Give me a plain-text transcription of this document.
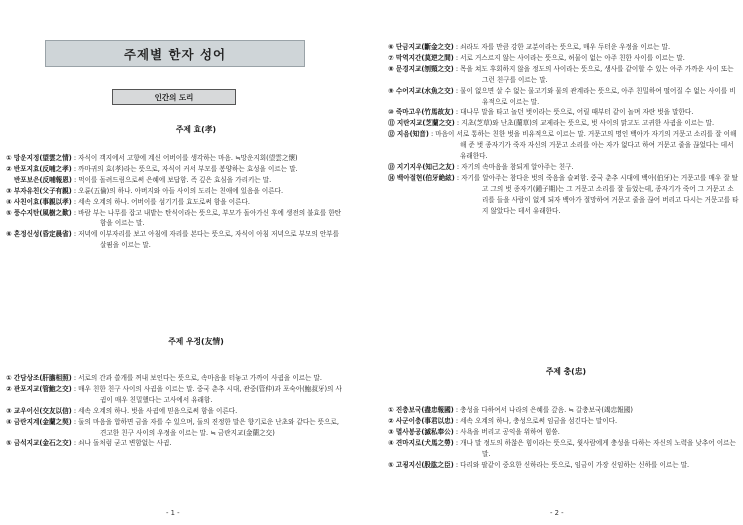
주제별 한자 성어
인간의 도리
주제 효(孝)

① 망운지정(望雲之情) : 자식이 객지에서 고향에 계신 어버이를 생각하는 마음. ≒망운지회(望雲之懷)

② 반포지효(反哺之孝) : 까마귀의 효(孝)라는 뜻으로, 자식이 커서 부모를 봉양하는 효성을 이르는 말.

반포보은(反哺報恩) : 먹이를 돌려드림으로써 은혜에 보답함. 즉 깊은 효심을 가리키는 말.

③ 부자유친(父子有親) : 오륜(五倫)의 하나. 아버지와 아들 사이의 도리는 친애에 있음을 이른다.

④ 사친이효(事親以孝) : 세속 오계의 하나. 어버이를 섬기기를 효도로써 함을 이른다.

⑤ 풍수지탄(風樹之歎) : 바람 부는 나무를 잡고 내밭는 탄식이라는 뜻으로, 부모가 돌아가신 후에 생전의 불효를 한탄함을 이르는 말.

⑥ 혼정신성(昏定晨省) : 저녁에 이부자리를 보고 아침에 자리를 본다는 뜻으로, 자식이 아침 저녁으로 부모의 안부를 살핌을 이르는 말.

주제 우정(友情)

① 간담상조(肝膽相照) : 서로의 간과 쓸개를 꺼내 보인다는 뜻으로, 속마음을 터놓고 가까이 사귐을 이르는 말.

② 관포지교(管鮑之交) : 매우 친한 친구 사이의 사귐을 이르는 말. 중국 춘추 시대, 관중(管仲)과 포숙아(鮑叔牙)의 사귐이 매우 친밀했다는 고사에서 유래함.

③ 교우이신(交友以信) : 세속 오계의 하나. 벗을 사귐에 믿음으로써 함을 이른다.

④ 금란지계(金蘭之契) : 둘의 마음을 합하면 금을 자를 수 있으며, 둘의 진정한 말은 향기로운 난초와 같다는 뜻으로, 견고한 친구 사이의 우정을 이르는 말. ≒ 금란지교(金蘭之交)

⑤ 금석지교(金石之交) : 쇠나 돌처럼 굳고 변함없는 사귐.

- 1 -

⑥ 단금지교(斷金之交) : 쇠라도 자를 만큼 강한 교분이라는 뜻으로, 매우 두터운 우정을 이르는 말.

⑦ 막역지간(莫逆之間) : 서로 거스르지 않는 사이라는 뜻으로, 허물이 없는 아주 친한 사이를 이르는 말.

⑧ 문경지교(刎頸之交) : 목을 쳐도 후회하지 않을 정도의 사이라는 뜻으로, 생사를 같이할 수 있는 아주 가까운 사이 또는 그런 친구를 이르는 말.

⑨ 수어지교(水魚之交) : 물이 없으면 살 수 없는 물고기와 물의 관계라는 뜻으로, 아주 친밀하여 떨어질 수 없는 사이를 비유적으로 이르는 말.

⑩ 죽마고우(竹馬故友) : 대나무 말을 타고 놀던 벗이라는 뜻으로, 어릴 때부터 같이 놀며 자란 벗을 말한다.

⑪ 지란지교(芝蘭之交) : 지초(芝草)와 난초(蘭草)의 교제라는 뜻으로, 벗 사이의 맑고도 고귀한 사귐을 이르는 말.

⑫ 지음(知音) : 마음이 서로 통하는 친한 벗을 비유적으로 이르는 말. 거문고의 명인 백아가 자기의 거문고 소리를 잘 이해해 준 벗 종자기가 죽자 자신의 거문고 소리를 아는 자가 없다고 하여 거문고 줄을 끊었다는 데서 유래한다.

⑬ 지기지우(知己之友) : 자기의 속마음을 참되게 알아주는 친구.

⑭ 백아절현(伯牙絶絃) : 자기를 알아주는 참다운 벗의 죽음을 슬퍼함. 중국 춘추 시대에 백아(伯牙)는 거문고를 매우 잘 탔고 그의 벗 종자기(鍾子期)는 그 거문고 소리를 잘 들었는데, 종자기가 죽어 그 거문고 소리를 들을 사람이 없게 되자 백아가 절망하여 거문고 줄을 끊어 버리고 다시는 거문고를 타지 않았다는 데서 유래한다.

주제 충(忠)

① 진충보국(盡忠報國) : 충성을 다하여서 나라의 은혜를 갚음. ≒ 갈충보국(竭忠報國)

② 사군이충(事君以忠) : 세속 오계의 하나, 충성으로써 임금을 섬긴다는 말이다.

③ 멸사봉공(滅私奉公) : 사욕을 버리고 공익을 위하여 힘씀.

④ 견마지로(犬馬之勞) : 개나 말 정도의 하찮은 힘이라는 뜻으로, 윗사람에게 충성을 다하는 자신의 노력을 낮추어 이르는 말.

⑤ 고굉지신(股肱之臣) : 다리와 팔같이 중요한 신하라는 뜻으로, 임금이 가장 신임하는 신하를 이르는 말.

- 2 -
